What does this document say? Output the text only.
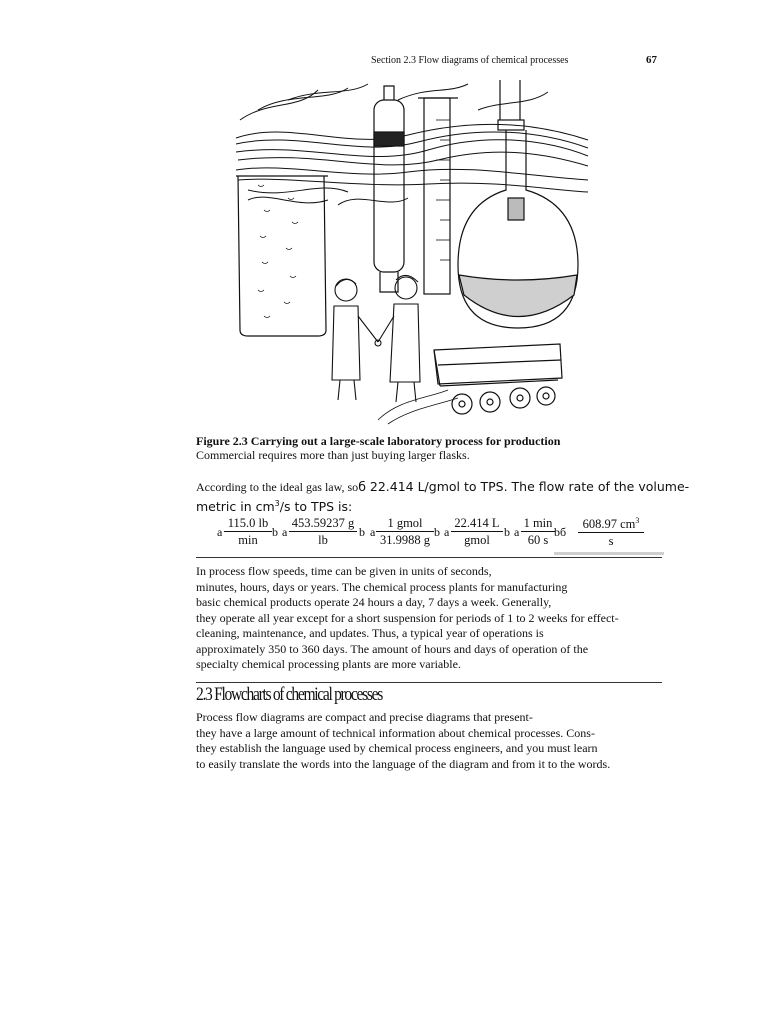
Section 2.3 Flow diagrams of chemical processes	67
Figure 2.3 Carrying out a large-scale laboratory process for production
Commercial requires more than just buying larger flasks.
According to the ideal gas law, soб 22.414 L/gmol to TPS. The flow rate of the volume-
metric in $cm^3/s$ to TPS is:
a
115.0 lb
min
b a $\frac{453.59237 g}{lb}$ b a
1 gmol
31.9988 g
b a
22.414 L
gmol
b a
1 min
60 s
bб $\frac{608.97 cm^3}{s}$
In process flow speeds, time can be given in units of seconds,
minutes, hours, days or years. The chemical process plants for manufacturing
basic chemical products operate 24 hours a day, 7 days a week. Generally,
they operate all year except for a short suspension for periods of 1 to 2 weeks for effect-
cleaning, maintenance, and updates. Thus, a typical year of operations is
approximately 350 to 360 days. The amount of hours and days of operation of the
specialty chemical processing plants are more variable.
2.3 Flowcharts of chemical processes
Process flow diagrams are compact and precise diagrams that present-
they have a large amount of technical information about chemical processes. Cons-
they establish the language used by chemical process engineers, and you must learn
to easily translate the words into the language of the diagram and from it to the words.
